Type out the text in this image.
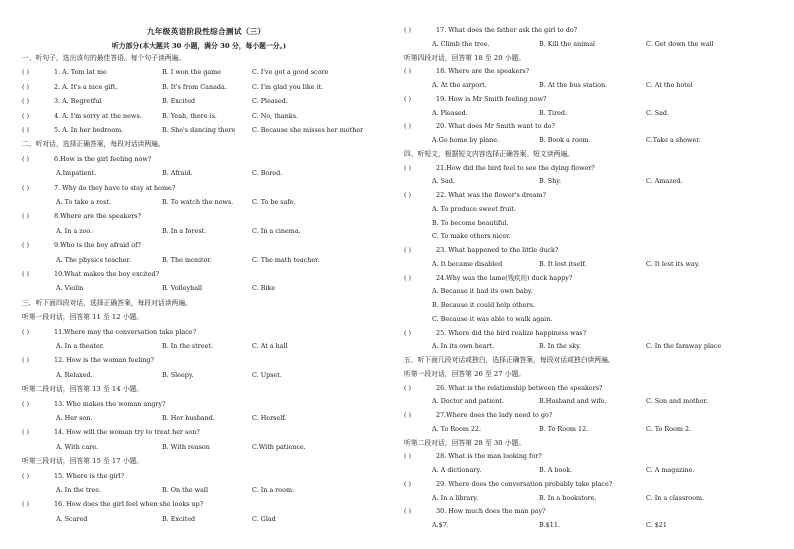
九年级英语阶段性综合测试（三）
听力部分(本大题共 30 小题，满分 30 分，每小题一分。)
一、听句子，选出该句的最佳答语。每个句子读两遍。
( )	1. A. Tom lat me	B. I won the game	C. I've got a good score
( )	2. A. It's a nice gift.	B. It's from Canada.	C. I'm glad you like it.
( )	3. A. Regretful	B. Excited	C. Pleased.
( )	4. A. I'm sorry at the news.	B. Yeah, there is.	C. No, thanks.
( )	5. A. In her bedroom.	B. She's dancing there	C. Because she misses her mother
二、听对话，选择正确答案，每段对话读两遍。
( )	6.How is the girl feeling now?
A.Impatient.	B. Afraid.	C. Bored.
( )	7. Why do they have to stay at home?
A. To take a rest.	B. To watch the news.	C. To be safe.
( )	8.Where are the speakers?
A. In a zoo.	B. In a forest.	C. In a cinema.
( )	9.Who is the boy afraid of?
A. The physics teacher.	B. The monitor.	C. The math teacher.
( )	10.What makes the boy excited?
A. Violin	B. Volleyball	C. Bike
三、听下面四段对话，选择正确答案，每段对话读两遍。
听第一段对话，回答第 11 至 12 小题。
( )	11.Where may the conversation take place?
A. In a theater.	B. In the street.	C. At a hall
( )	12. How is the woman feeling?
A. Relaxed.	B. Sleepy.	C. Upset.
听第二段对话，回答第 13 至 14 小题。
( )	13. Who makes the woman angry?
A. Her son.	B. Her husband.	C. Herself.
( )	14. How will the woman try to treat her son?
A. With care.	B. With reason	C.With patience.
听第三段对话，回答第 15 至 17 小题。
( )	15. Where is the girl?
A. In the tree.	B. On the wall	C. In a room.
( )	16. How does the girl feel when she looks up?
A. Scared	B. Excited	C. Glad
( )	17. What does the father ask the girl to do?
A. Climb the tree.	B. Kill the animal	C. Get down the wall
听第四段对话，回答第 18 至 20 小题。
( )	18. Where are the speakers?
A. At the airport.	B. At the bus station.	C. At the hotel
( )	19. How is Mr Smith feeling now?
A. Pleased.	B. Tired.	C. Sad.
( )	20. What does Mr Smith want to do?
A.Go home by plane.	B. Book a room.	C.Take a shower.
四、听短文，根据短文内容选择正确答案。短文读两遍。
( )	21.How did the bird feel to see the dying flower?
A. Sad.	B. Shy.	C. Amazed.
( )	22. What was the flower's dream?
A. To produce sweet fruit.
B. To become beautiful.
C. To make others nicer.
( )	23. What happened to the little duck?
A. It became disabled	B. It lost itself.	C. It lost its way.
( )	24.Why was the lame(残疾的) duck happy?
A. Because it had its own baby.
B. Because it could help others.
C. Because it was able to walk again.
( )	25. Where did the bird realize happiness was?
A. In its own heart.	B. In the sky.	C. In the faraway place
五、听下面几段对话或独白，选择正确答案，每段对话或独白读两遍。
听第一段对话，回答第 26 至 27 小题。
( )	26. What is the relationship between the speakers?
A. Doctor and patient.	B.Husband and wife.	C. Son and mother.
( )	27.Where does the lady need to go?
A. To Room 22.	B. To Room 12.	C. To Room 2.
听第二段对话，回答第 28 至 30 小题。
( )	28. What is the man looking for?
A. A dictionary.	B. A book.	C. A magazine.
( )	29. Where does the conversation probably take place?
A. In a library.	B. In a bookstore.	C. In a classroom.
( )	30. How much does the man pay?
A.$7.	B.$11.	C. $21
